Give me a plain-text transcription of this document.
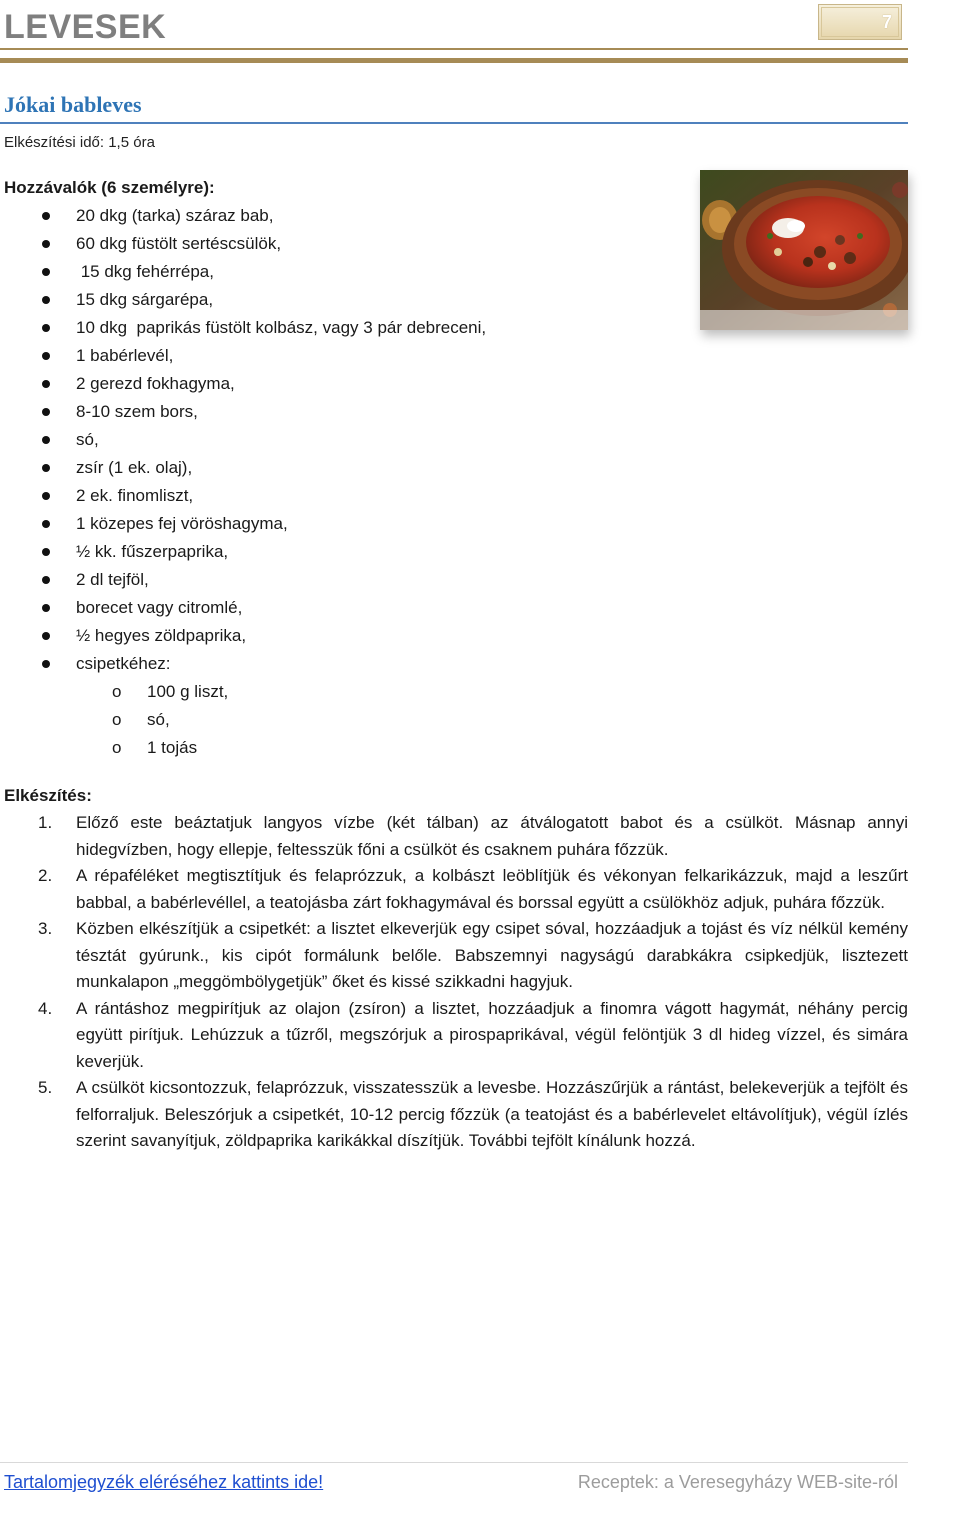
LEVESEK	7
Jókai bableves
Elkészítési idő: 1,5 óra
Hozzávalók (6 személyre):
20 dkg (tarka) száraz bab,
60 dkg füstölt sertéscsülök,
15 dkg fehérrépa,
15 dkg sárgarépa,
10 dkg  paprikás füstölt kolbász, vagy 3 pár debreceni,
1 babérlevél,
2 gerezd fokhagyma,
8-10 szem bors,
só,
zsír (1 ek. olaj),
2 ek. finomliszt,
1 közepes fej vöröshagyma,
½ kk. fűszerpaprika,
2 dl tejföl,
borecet vagy citromlé,
½ hegyes zöldpaprika,
csipetkéhez:
o 100 g liszt,
o só,
o 1 tojás
Elkészítés:
1. Előző este beáztatjuk langyos vízbe (két tálban) az átválogatott babot és a csülköt. Másnap annyi hidegvízben, hogy ellepje, feltesszük főni a csülköt és csaknem puhára főzzük.
2. A répaféléket megtisztítjuk és felaprózzuk, a kolbászt leöblítjük és vékonyan felkarikázzuk, majd a leszűrt babbal, a babérlevéllel, a teatojásba zárt fokhagymával és borssal együtt a csülökhöz adjuk, puhára főzzük.
3. Közben elkészítjük a csipetkét: a lisztet elkeverjük egy csipet sóval, hozzáadjuk a tojást és víz nélkül kemény tésztát gyúrunk., kis cipót formálunk belőle. Babszemnyi nagyságú darabkákra csipkedjük, lisztezett munkalapon „meggömbölygetjük” őket és kissé szikkadni hagyjuk.
4. A rántáshoz megpirítjuk az olajon (zsíron) a lisztet, hozzáadjuk a finomra vágott hagymát, néhány percig együtt pirítjuk. Lehúzzuk a tűzről, megszórjuk a pirospaprikával, végül felöntjük 3 dl hideg vízzel, és simára keverjük.
5. A csülköt kicsontozzuk, felaprózzuk, visszatesszük a levesbe. Hozzászűrjük a rántást, belekeverjük a tejfölt és felforraljuk. Beleszórjuk a csipetkét, 10-12 percig főzzük (a teatojást és a babérlevelet eltávolítjuk), végül ízlés szerint savanyítjuk, zöldpaprika karikákkal díszítjük. További tejfölt kínálunk hozzá.
Tartalomjegyzék eléréséhez kattints ide!	Receptek: a Veresegyházy WEB-site-ról
